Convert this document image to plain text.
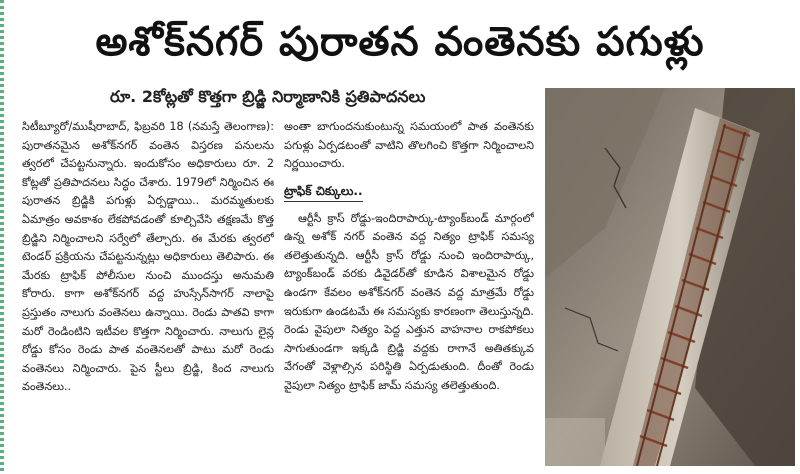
అశోక్‌నగర్ పురాతన వంతెనకు పగుళ్లు
రూ. 2కోట్లతో కొత్తగా బ్రిడ్జి నిర్మాణానికి ప్రతిపాదనలు

సిటీబ్యూరో/ముషీరాబాద్, ఫిబ్రవరి 18 (నమస్తే తెలంగాణ): పురాతనమైన అశోక్‌నగర్ వంతెన విస్తరణ పనులను త్వరలో చేపట్టనున్నారు. ఇందుకోసం అధికారులు రూ. 2 కోట్లతో ప్రతిపాదనలు సిద్ధం చేశారు. 1979లో నిర్మించిన ఈ పురాతన బ్రిడ్జికి పగుళ్లు ఏర్పడ్డాయి.. మరమ్మతులకు ఏమాత్రం అవకాశం లేకపోవడంతో కూల్చివేసి తక్షణమే కొత్త బ్రిడ్జిని నిర్మించాలని సర్వేలో తేల్చారు. ఈ మేరకు త్వరలో టెండర్ ప్రక్రియను చేపట్టనున్నట్లు అధికారులు తెలిపారు. ఈ మేరకు ట్రాఫిక్ పోలీసుల నుంచి ముందస్తు అనుమతి కోరారు. కాగా అశోక్‌నగర్ వద్ద హుస్సేన్‌సాగర్ నాలాపై ప్రస్తుతం నాలుగు వంతెనలు ఉన్నాయి. రెండు పాతవి కాగా మరో రెండింటిని ఇటీవల కొత్తగా నిర్మించారు. నాలుగు లైన్ల రోడ్డు కోసం రెండు పాత వంతెనలతో పాటు మరో రెండు వంతెనలు నిర్మించారు. పైన స్టీలు బ్రిడ్జి, కింద నాలుగు వంతెనలు..

అంతా బాగుందనుకుంటున్న సమయంలో పాత వంతెనకు పగుళ్లు ఏర్పడటంతో వాటిని తొలగించి కొత్తగా నిర్మించాలని నిర్ణయించారు.

ట్రాఫిక్ చిక్కులు..

ఆర్టీసీ క్రాస్ రోడ్డు-ఇందిరాపార్కు-ట్యాంక్‌బండ్ మార్గంలో ఉన్న అశోక్ నగర్ వంతెన వద్ద నిత్యం ట్రాఫిక్ సమస్య తలెత్తుతున్నది. ఆర్టీసీ క్రాస్ రోడ్డు నుంచి ఇందిరాపార్కు, ట్యాంక్‌బండ్ వరకు డివైడర్‌తో కూడిన విశాలమైన రోడ్డు ఉండగా కేవలం అశోక్‌నగర్ వంతెన వద్ద మాత్రమే రోడ్డు ఇరుకుగా ఉండటమే ఈ సమస్యకు కారణంగా తెలుస్తున్నది. రెండు వైపులా నిత్యం పెద్ద ఎత్తున వాహనాల రాకపోకలు సాగుతుండగా ఇక్కడి బ్రిడ్జి వద్దకు రాగానే అతితక్కువ వేగంతో వెళ్లాల్సిన పరిస్థితి ఏర్పడుతుంది. దీంతో రెండు వైపులా నిత్యం ట్రాఫిక్ జామ్ సమస్య తలెత్తుతుంది.
